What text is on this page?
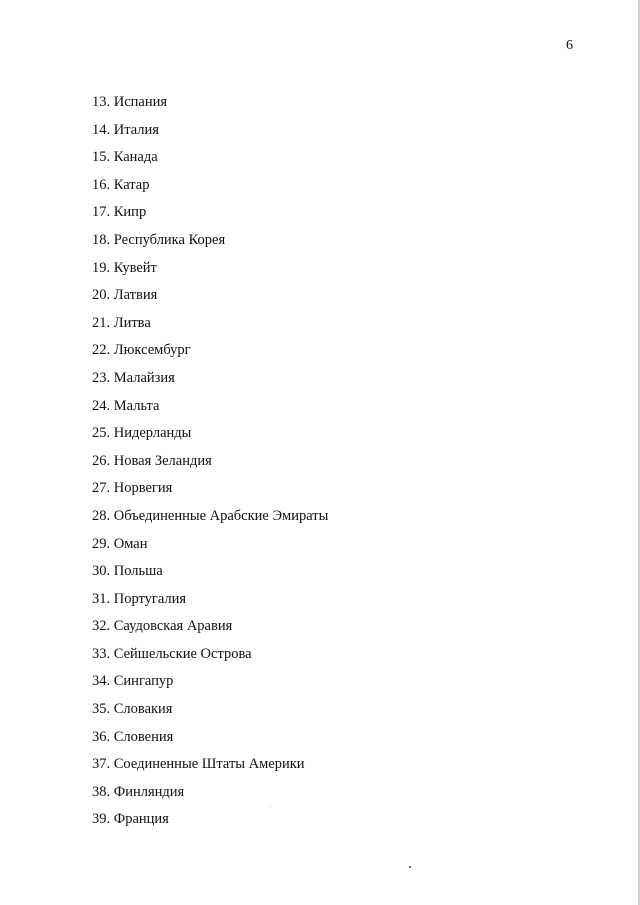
6
13. Испания
14. Италия
15. Канада
16. Катар
17. Кипр
18. Республика Корея
19. Кувейт
20. Латвия
21. Литва
22. Люксембург
23. Малайзия
24. Мальта
25. Нидерланды
26. Новая Зеландия
27. Норвегия
28. Объединенные Арабские Эмираты
29. Оман
30. Польша
31. Португалия
32. Саудовская Аравия
33. Сейшельские Острова
34. Сингапур
35. Словакия
36. Словения
37. Соединенные Штаты Америки
38. Финляндия
39. Франция
